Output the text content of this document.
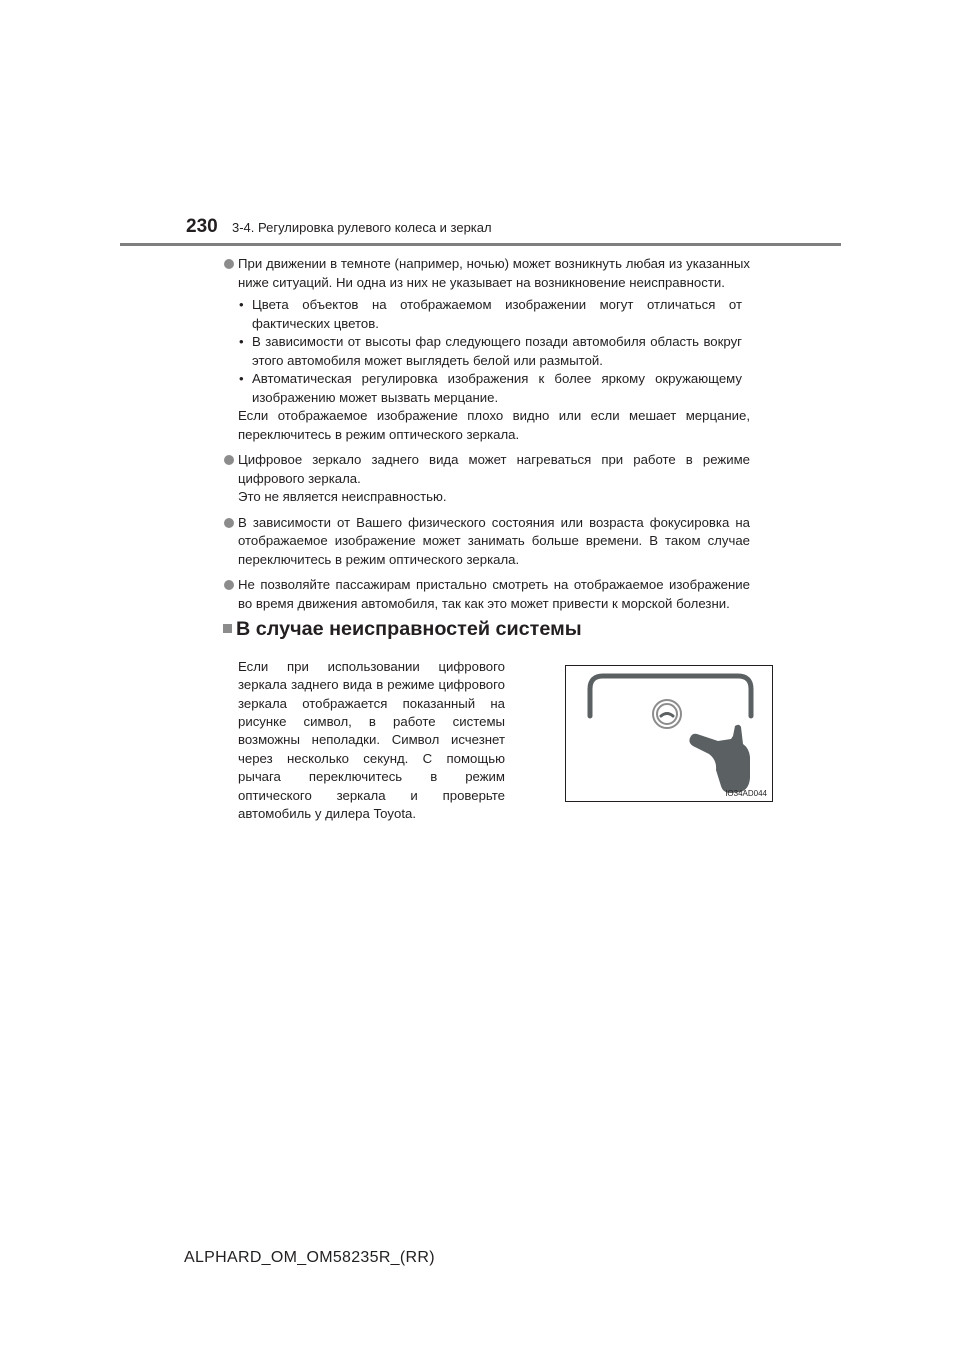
230 3-4. Регулировка рулевого колеса и зеркал

При движении в темноте (например, ночью) может возникнуть любая из указанных ниже ситуаций. Ни одна из них не указывает на возникновение неисправности.

• Цвета объектов на отображаемом изображении могут отличаться от фактических цветов.
• В зависимости от высоты фар следующего позади автомобиля область вокруг этого автомобиля может выглядеть белой или размытой.
• Автоматическая регулировка изображения к более яркому окружающему изображению может вызвать мерцание.

Если отображаемое изображение плохо видно или если мешает мерцание, переключитесь в режим оптического зеркала.

Цифровое зеркало заднего вида может нагреваться при работе в режиме цифрового зеркала.

Это не является неисправностью.

В зависимости от Вашего физического состояния или возраста фокусировка на отображаемое изображение может занимать больше времени. В таком случае переключитесь в режим оптического зеркала.

Не позволяйте пассажирам пристально смотреть на отображаемое изображение во время движения автомобиля, так как это может привести к морской болезни.

В случае неисправностей системы

Если при использовании цифрового зеркала заднего вида в режиме цифрового зеркала отображается показанный на рисунке символ, в работе системы возможны неполадки. Символ исчезнет через несколько секунд. С помощью рычага переключитесь в режим оптического зеркала и проверьте автомобиль у дилера Toyota.

IO34AD044
ALPHARD_OM_OM58235R_(RR)
